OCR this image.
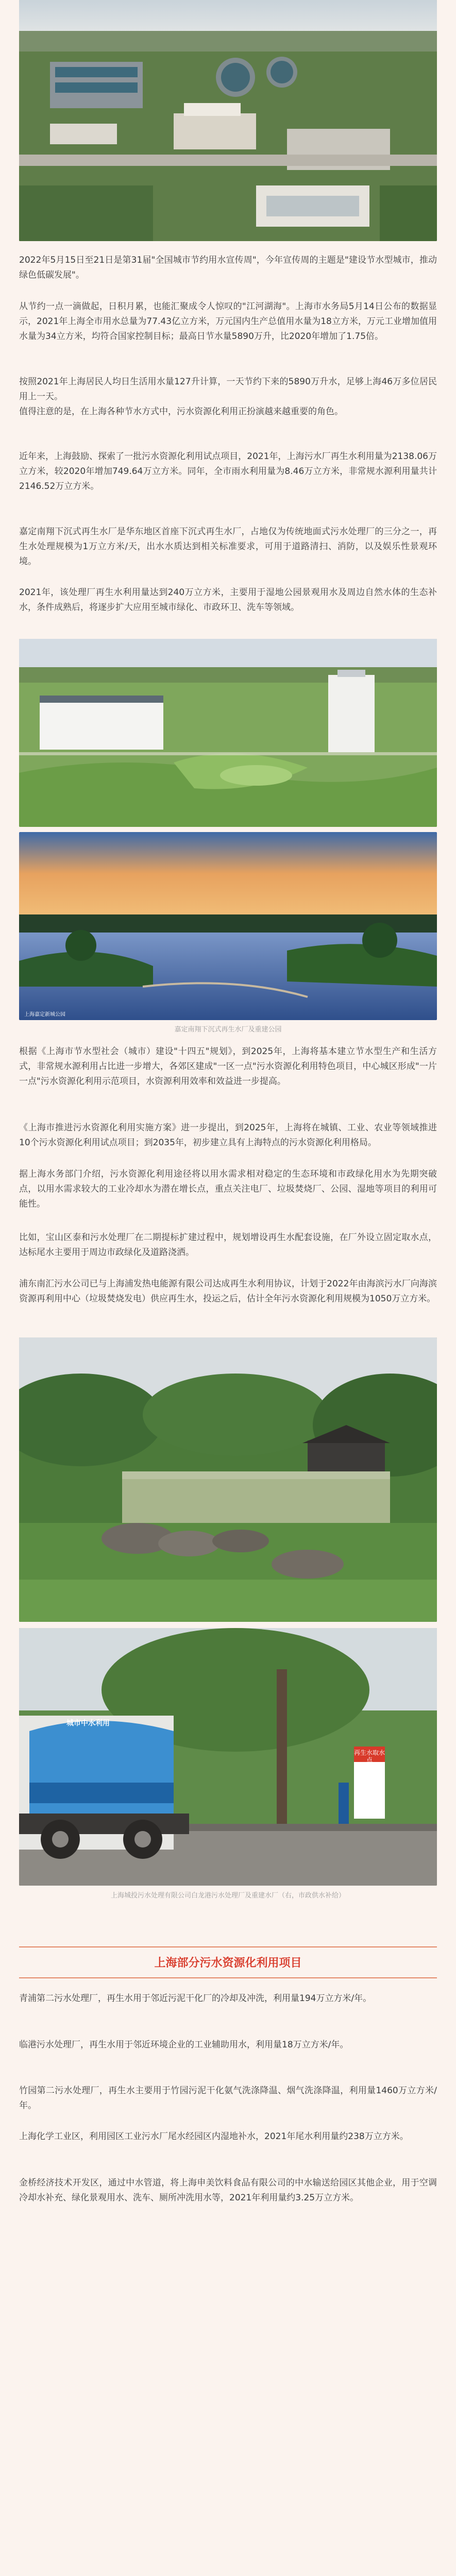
2022年5月15日至21日是第31届"全国城市节约用水宣传周"，今年宣传周的主题是"建设节水型城市，推动绿色低碳发展"。

从节约一点一滴做起，日积月累，也能汇聚成令人惊叹的"江河湖海"。上海市水务局5月14日公布的数据显示，2021年上海全市用水总量为77.43亿立方米，万元国内生产总值用水量为18立方米，万元工业增加值用水量为34立方米，均符合国家控制目标；最高日节水量5890万升，比2020年增加了1.75倍。

按照2021年上海居民人均日生活用水量127升计算，一天节约下来的5890万升水，足够上海46万多位居民用上一天。

值得注意的是，在上海各种节水方式中，污水资源化利用正扮演越来越重要的角色。

近年来，上海鼓励、探索了一批污水资源化利用试点项目，2021年，上海污水厂再生水利用量为2138.06万立方米，较2020年增加749.64万立方米。同年，全市雨水利用量为8.46万立方米，非常规水源利用量共计2146.52万立方米。

嘉定南翔下沉式再生水厂是华东地区首座下沉式再生水厂，占地仅为传统地面式污水处理厂的三分之一，再生水处理规模为1万立方米/天，出水水质达到相关标准要求，可用于道路清扫、消防，以及娱乐性景观环境。

2021年，该处理厂再生水利用量达到240万立方米，主要用于湿地公园景观用水及周边自然水体的生态补水，条件成熟后，将逐步扩大应用至城市绿化、市政环卫、洗车等领域。

上海嘉定新城公园
嘉定南翔下沉式再生水厂及重建公园

根据《上海市节水型社会（城市）建设"十四五"规划》，到2025年，上海将基本建立节水型生产和生活方式，非常规水源利用占比进一步增大，各郊区建成"一区一点"污水资源化利用特色项目，中心城区形成"一片一点"污水资源化利用示范项目，水资源利用效率和效益进一步提高。

《上海市推进污水资源化利用实施方案》进一步提出，到2025年，上海将在城镇、工业、农业等领域推进10个污水资源化利用试点项目；到2035年，初步建立具有上海特点的污水资源化利用格局。

据上海水务部门介绍，污水资源化利用途径将以用水需求相对稳定的生态环境和市政绿化用水为先期突破点，以用水需求较大的工业冷却水为潜在增长点，重点关注电厂、垃圾焚烧厂、公园、湿地等项目的利用可能性。

比如，宝山区泰和污水处理厂在二期提标扩建过程中，规划增设再生水配套设施，在厂外设立固定取水点，达标尾水主要用于周边市政绿化及道路浇洒。

浦东南汇污水公司已与上海浦发热电能源有限公司达成再生水利用协议，计划于2022年由海滨污水厂向海滨资源再利用中心（垃圾焚烧发电）供应再生水，投运之后，估计全年污水资源化利用规模为1050万立方米。

城市中水利用
再生水取水点
上海城投污水处理有限公司白龙港污水处理厂及重建水厂（右，市政供水补给）
上海部分污水资源化利用项目

青浦第二污水处理厂，再生水用于邻近污泥干化厂的冷却及冲洗，利用量194万立方米/年。

临港污水处理厂，再生水用于邻近环境企业的工业辅助用水，利用量18万立方米/年。

竹园第二污水处理厂，再生水主要用于竹园污泥干化氨气洗涤降温、烟气洗涤降温，利用量1460万立方米/年。

上海化学工业区，利用园区工业污水厂尾水经园区内湿地补水，2021年尾水利用量约238万立方米。

金桥经济技术开发区，通过中水管道，将上海申美饮料食品有限公司的中水输送给园区其他企业，用于空调冷却水补充、绿化景观用水、洗车、厕所冲洗用水等，2021年利用量约3.25万立方米。
